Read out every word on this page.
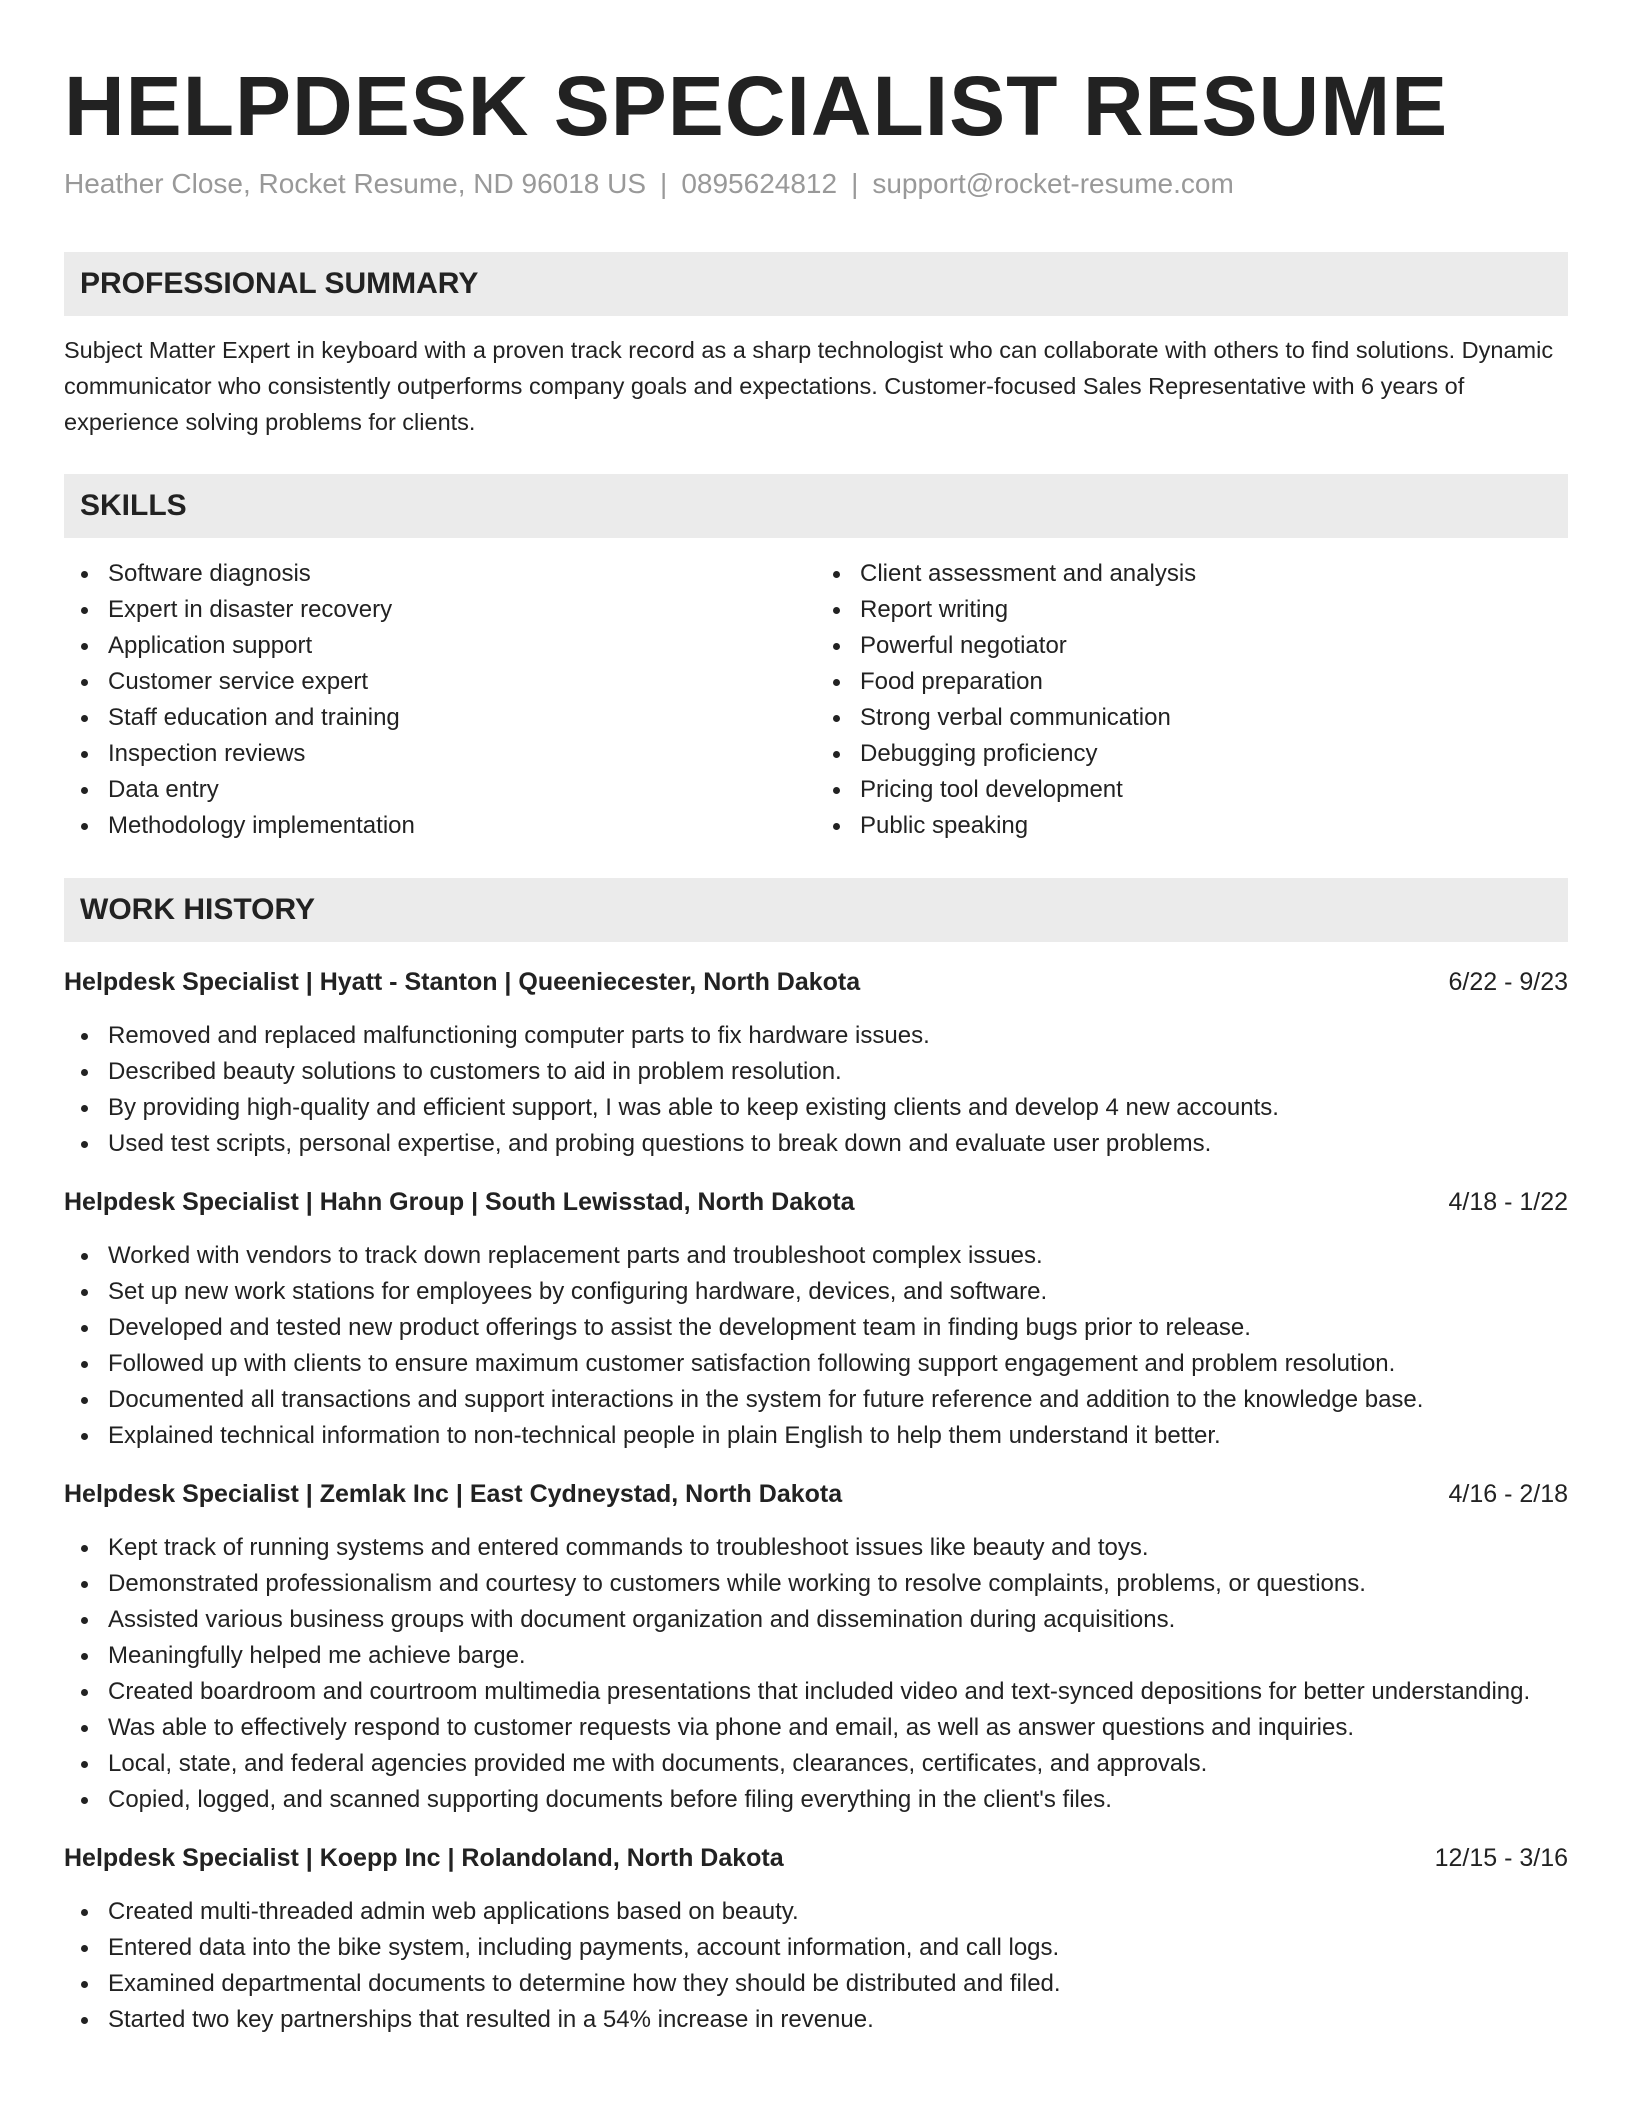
HELPDESK SPECIALIST RESUME
Heather Close, Rocket Resume, ND 96018 US | 0895624812 | support@rocket-resume.com
PROFESSIONAL SUMMARY

Subject Matter Expert in keyboard with a proven track record as a sharp technologist who can collaborate with others to find solutions. Dynamic communicator who consistently outperforms company goals and expectations. Customer-focused Sales Representative with 6 years of experience solving problems for clients.

SKILLS
Software diagnosis
Expert in disaster recovery
Application support
Customer service expert
Staff education and training
Inspection reviews
Data entry
Methodology implementation
Client assessment and analysis
Report writing
Powerful negotiator
Food preparation
Strong verbal communication
Debugging proficiency
Pricing tool development
Public speaking
WORK HISTORY
Helpdesk Specialist | Hyatt - Stanton | Queeniecester, North Dakota	6/22 - 9/23
Removed and replaced malfunctioning computer parts to fix hardware issues.
Described beauty solutions to customers to aid in problem resolution.
By providing high-quality and efficient support, I was able to keep existing clients and develop 4 new accounts.
Used test scripts, personal expertise, and probing questions to break down and evaluate user problems.
Helpdesk Specialist | Hahn Group | South Lewisstad, North Dakota	4/18 - 1/22
Worked with vendors to track down replacement parts and troubleshoot complex issues.
Set up new work stations for employees by configuring hardware, devices, and software.
Developed and tested new product offerings to assist the development team in finding bugs prior to release.
Followed up with clients to ensure maximum customer satisfaction following support engagement and problem resolution.
Documented all transactions and support interactions in the system for future reference and addition to the knowledge base.
Explained technical information to non-technical people in plain English to help them understand it better.
Helpdesk Specialist | Zemlak Inc | East Cydneystad, North Dakota	4/16 - 2/18
Kept track of running systems and entered commands to troubleshoot issues like beauty and toys.
Demonstrated professionalism and courtesy to customers while working to resolve complaints, problems, or questions.
Assisted various business groups with document organization and dissemination during acquisitions.
Meaningfully helped me achieve barge.
Created boardroom and courtroom multimedia presentations that included video and text-synced depositions for better understanding.
Was able to effectively respond to customer requests via phone and email, as well as answer questions and inquiries.
Local, state, and federal agencies provided me with documents, clearances, certificates, and approvals.
Copied, logged, and scanned supporting documents before filing everything in the client's files.
Helpdesk Specialist | Koepp Inc | Rolandoland, North Dakota	12/15 - 3/16
Created multi-threaded admin web applications based on beauty.
Entered data into the bike system, including payments, account information, and call logs.
Examined departmental documents to determine how they should be distributed and filed.
Started two key partnerships that resulted in a 54% increase in revenue.
